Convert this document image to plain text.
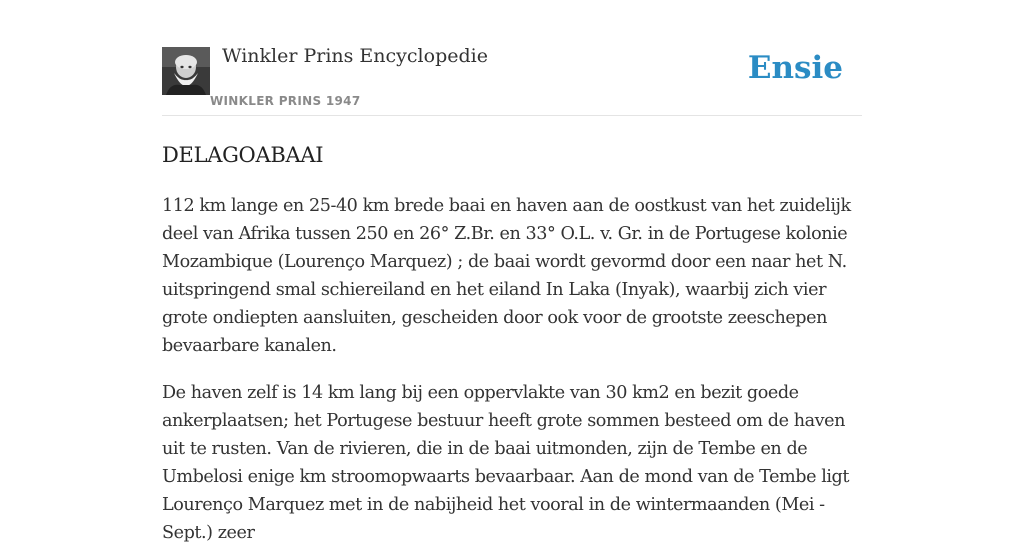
Winkler Prins Encyclopedie
WINKLER PRINS 1947
Ensie
DELAGOABAAI

112 km lange en 25-40 km brede baai en haven aan de oostkust van het zuidelijk deel van Afrika tussen 250 en 26° Z.Br. en 33° O.L. v. Gr. in de Portugese kolonie Mozambique (Lourenço Marquez) ; de baai wordt gevormd door een naar het N. uitspringend smal schiereiland en het eiland In Laka (Inyak), waarbij zich vier grote ondiepten aansluiten, gescheiden door ook voor de grootste zeeschepen bevaarbare kanalen.

De haven zelf is 14 km lang bij een oppervlakte van 30 km2 en bezit goede ankerplaatsen; het Portugese bestuur heeft grote sommen besteed om de haven uit te rusten. Van de rivieren, die in de baai uitmonden, zijn de Tembe en de Umbelosi enige km stroomopwaarts bevaarbaar. Aan de mond van de Tembe ligt Lourenço Marquez met in de nabijheid het vooral in de wintermaanden (Mei -Sept.) zeer
